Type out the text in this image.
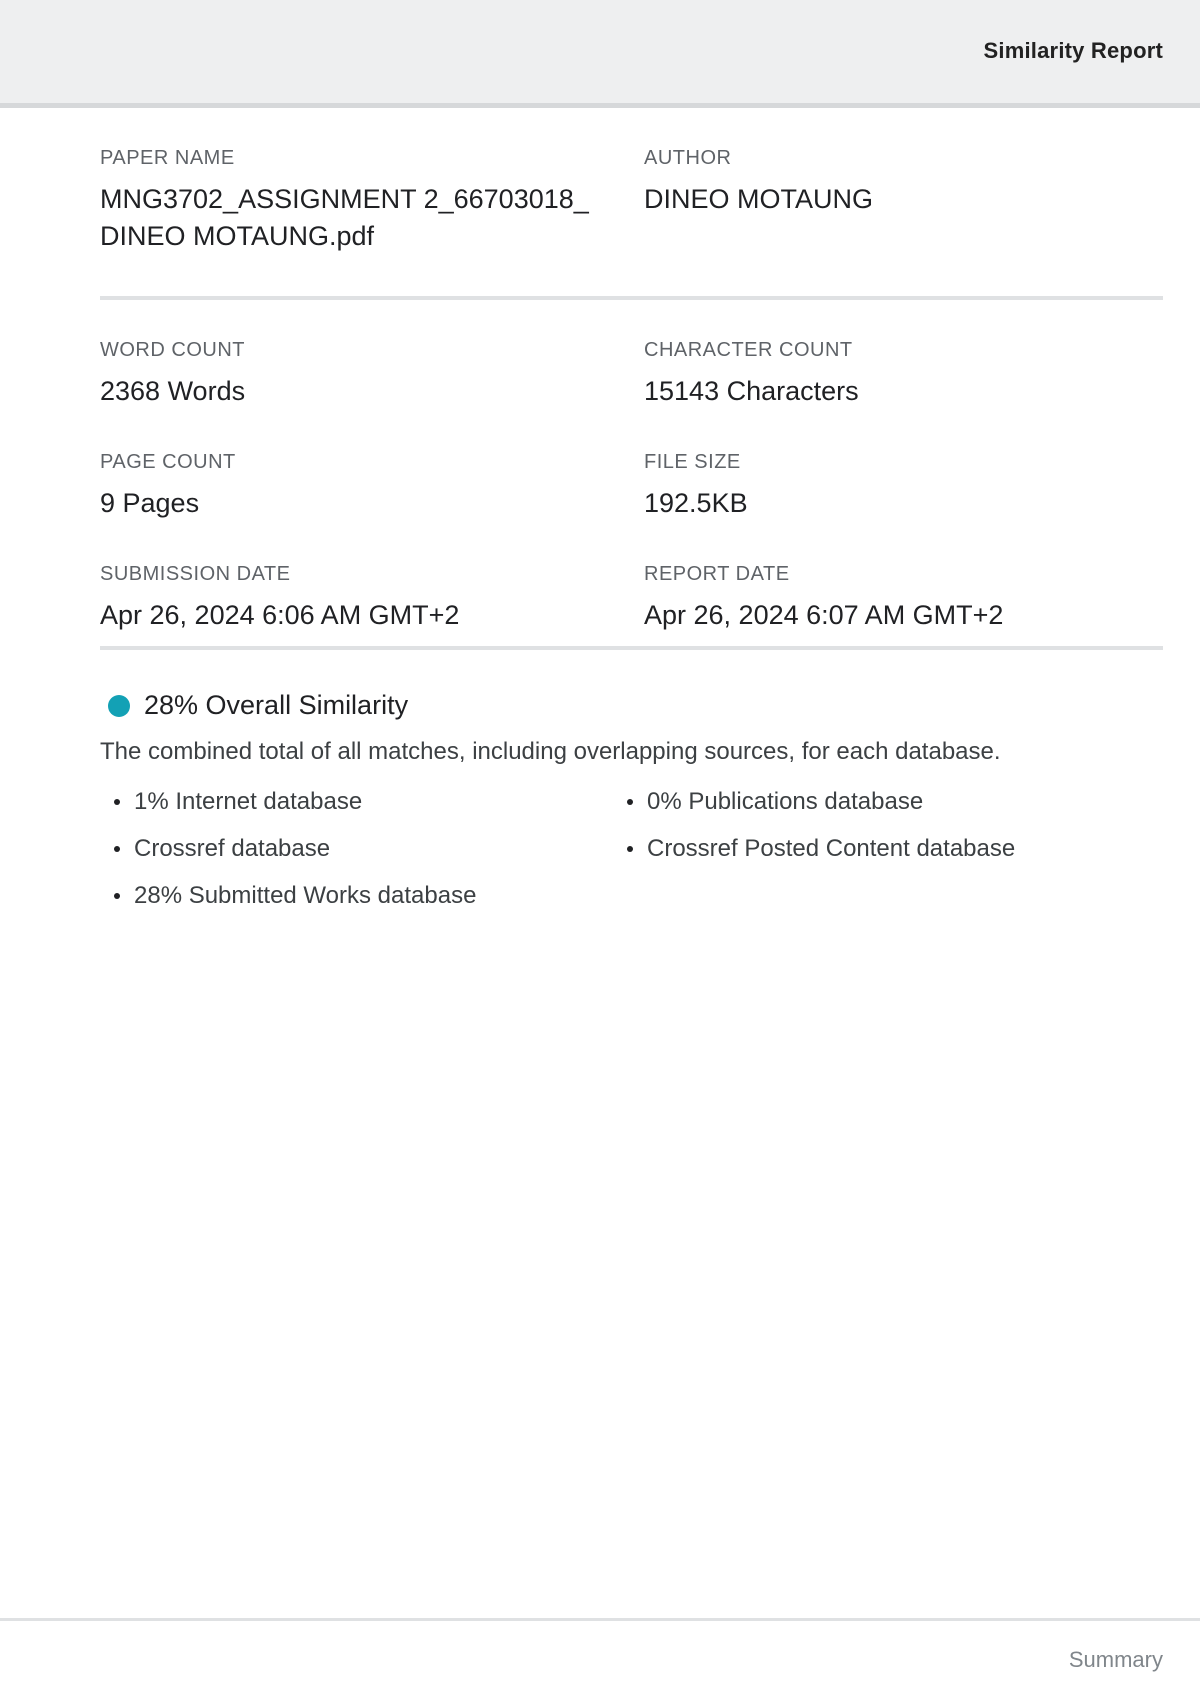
Similarity Report
PAPER NAME
MNG3702_ASSIGNMENT 2_66703018_DINEO MOTAUNG.pdf
AUTHOR
DINEO MOTAUNG
WORD COUNT
2368 Words
CHARACTER COUNT
15143 Characters
PAGE COUNT
9 Pages
FILE SIZE
192.5KB
SUBMISSION DATE
Apr 26, 2024 6:06 AM GMT+2
REPORT DATE
Apr 26, 2024 6:07 AM GMT+2
28% Overall Similarity
The combined total of all matches, including overlapping sources, for each database.
1% Internet database
Crossref database
28% Submitted Works database
0% Publications database
Crossref Posted Content database
Summary
